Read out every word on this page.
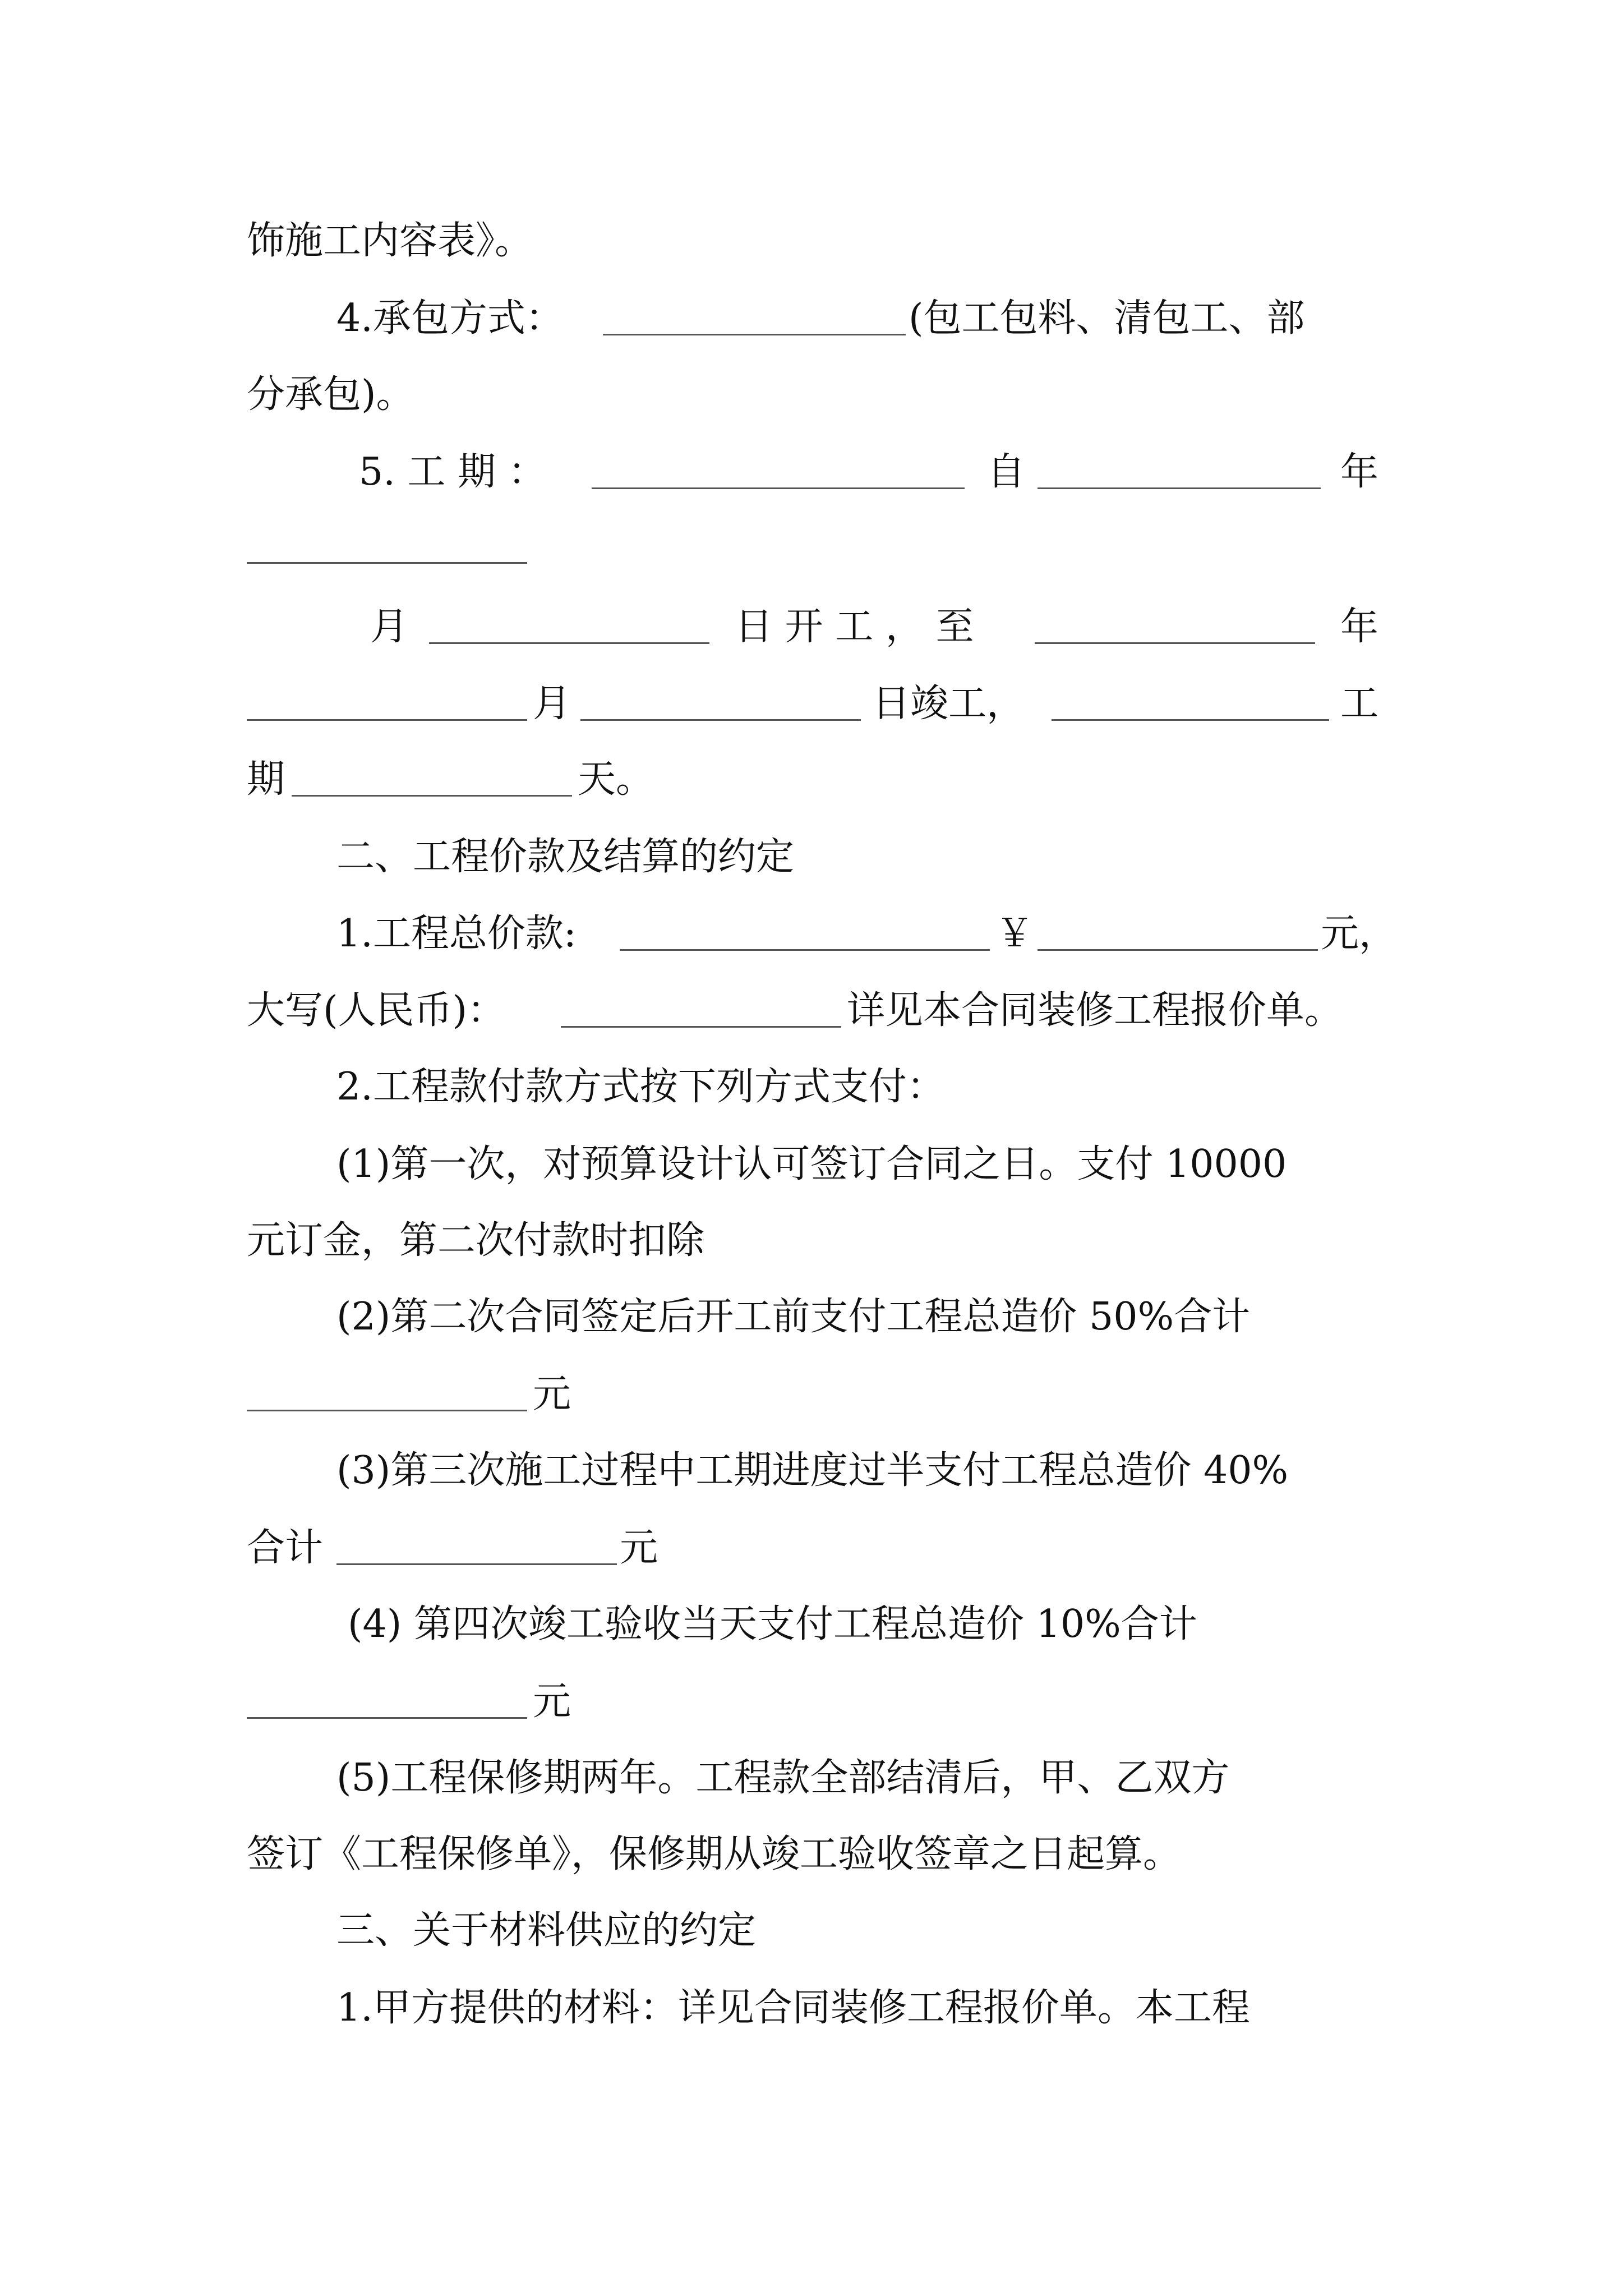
饰施工内容表》。
4.承包方式：	(包工包料、清包工、部
分承包)。
5. 工 期 ：	自	年
月	日 开 工 ， 至	年
月	日竣工，	工
期	天。
二、工程价款及结算的约定
1.工程总价款:	￥	元，
大写(人民币)：	详见本合同装修工程报价单。
2.工程款付款方式按下列方式支付：
(1)第一次，对预算设计认可签订合同之日。支付 10000
元订金，第二次付款时扣除
(2)第二次合同签定后开工前支付工程总造价 50%合计
元
(3)第三次施工过程中工期进度过半支付工程总造价 40%
合计	元
(4) 第四次竣工验收当天支付工程总造价 10%合计
元
(5)工程保修期两年。工程款全部结清后，甲、乙双方
签订《工程保修单》，保修期从竣工验收签章之日起算。
三、关于材料供应的约定
1.甲方提供的材料：详见合同装修工程报价单。本工程
